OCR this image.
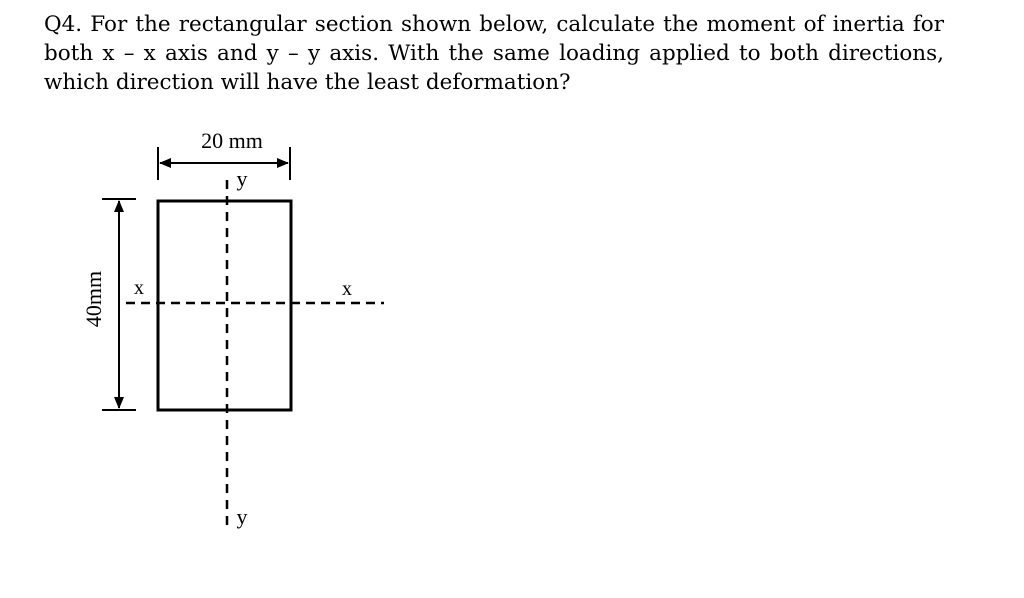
Q4. For the rectangular section shown below, calculate the moment of inertia for both x – x axis and y – y axis. With the same loading applied to both directions, which direction will have the least deformation?

20 mm
40mm x	x
y
y
